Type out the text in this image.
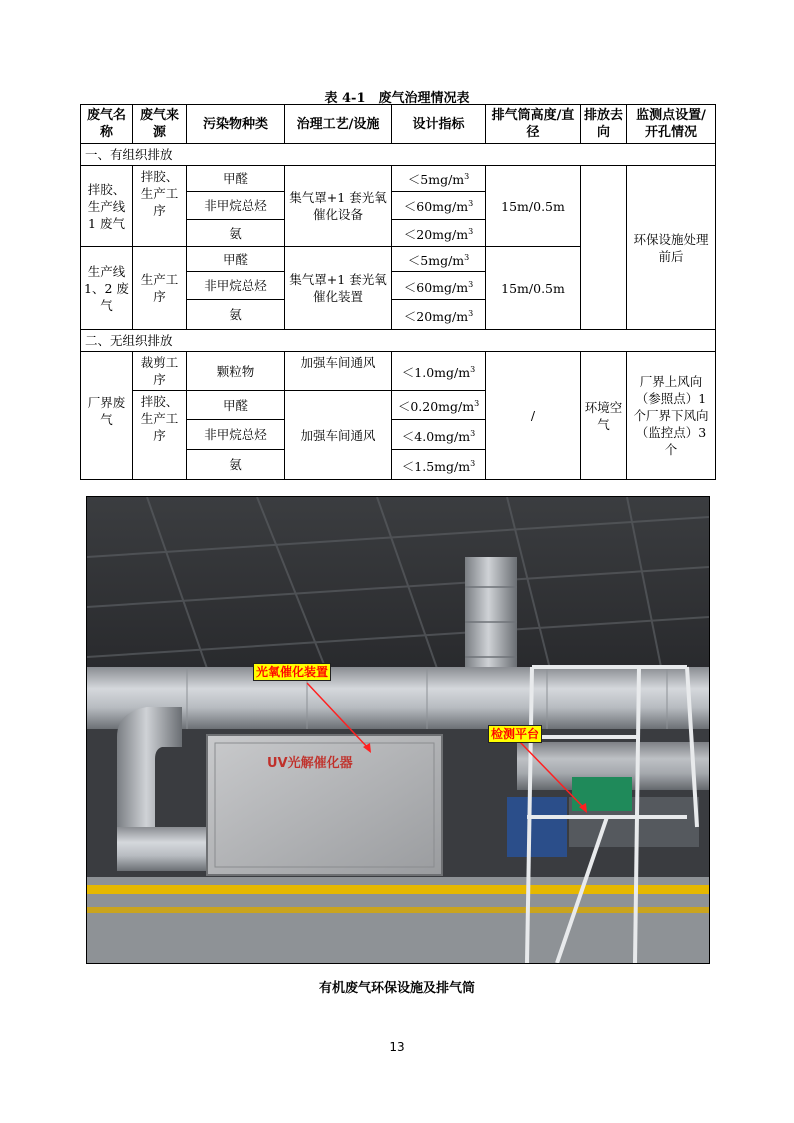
表 4-1　废气治理情况表
废气名称	废气来源	污染物种类	治理工艺/设施	设计指标	排气筒高度/直径	排放去向	监测点设置/开孔情况
一、有组织排放							
拌胶、生产线 1 废气	拌胶、生产工序	甲醛	集气罩+1 套光氧催化设备	$<5mg/m^3$	15m/0.5m		环保设施处理前后
		非甲烷总烃		$<60mg/m^3$
		氨		$<20mg/m^3$
生产线 1、2 废气	生产工序	甲醛	集气罩+1 套光氧催化装置	$<5mg/m^3$	15m/0.5m		
		非甲烷总烃		$<60mg/m^3$
		氨		$<20mg/m^3$
二、无组织排放							
厂界废气	裁剪工序	颗粒物	加强车间通风	$<1.0mg/m^3$	/	环境空气	厂界上风向（参照点）1 个厂界下风向（监控点）3 个
	拌胶、生产工序	甲醛	加强车间通风	$<0.20mg/m^3$
		非甲烷总烃		$<4.0mg/m^3$
		氨		$<1.5mg/m^3$
UV光解催化器
光氧催化装置
检测平台
有机废气环保设施及排气筒
13
